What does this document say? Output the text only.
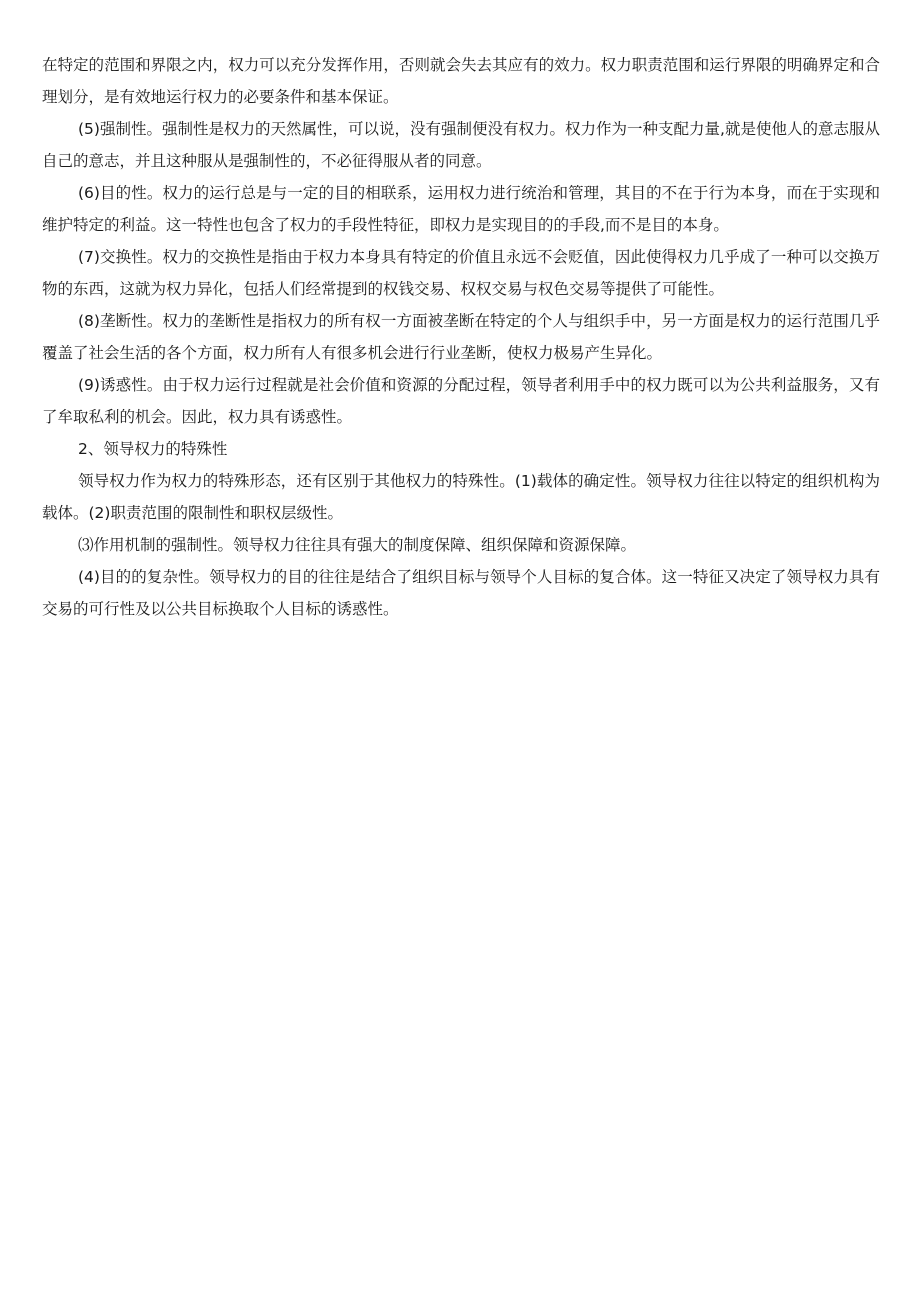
在特定的范围和界限之内，权力可以充分发挥作用，否则就会失去其应有的效力。权力职责范围和运行界限的明确界定和合理划分，是有效地运行权力的必要条件和基本保证。

(5)强制性。强制性是权力的天然属性，可以说，没有强制便没有权力。权力作为一种支配力量,就是使他人的意志服从自己的意志，并且这种服从是强制性的，不必征得服从者的同意。

(6)目的性。权力的运行总是与一定的目的相联系，运用权力进行统治和管理，其目的不在于行为本身，而在于实现和维护特定的利益。这一特性也包含了权力的手段性特征，即权力是实现目的的手段,而不是目的本身。

(7)交换性。权力的交换性是指由于权力本身具有特定的价值且永远不会贬值，因此使得权力几乎成了一种可以交换万物的东西，这就为权力异化，包括人们经常提到的权钱交易、权权交易与权色交易等提供了可能性。

(8)垄断性。权力的垄断性是指权力的所有权一方面被垄断在特定的个人与组织手中，另一方面是权力的运行范围几乎覆盖了社会生活的各个方面，权力所有人有很多机会进行行业垄断，使权力极易产生异化。

(9)诱惑性。由于权力运行过程就是社会价值和资源的分配过程，领导者利用手中的权力既可以为公共利益服务，又有了牟取私利的机会。因此，权力具有诱惑性。

2、领导权力的特殊性

领导权力作为权力的特殊形态，还有区别于其他权力的特殊性。(1)载体的确定性。领导权力往往以特定的组织机构为载体。(2)职责范围的限制性和职权层级性。

⑶作用机制的强制性。领导权力往往具有强大的制度保障、组织保障和资源保障。

(4)目的的复杂性。领导权力的目的往往是结合了组织目标与领导个人目标的复合体。这一特征又决定了领导权力具有交易的可行性及以公共目标换取个人目标的诱惑性。
